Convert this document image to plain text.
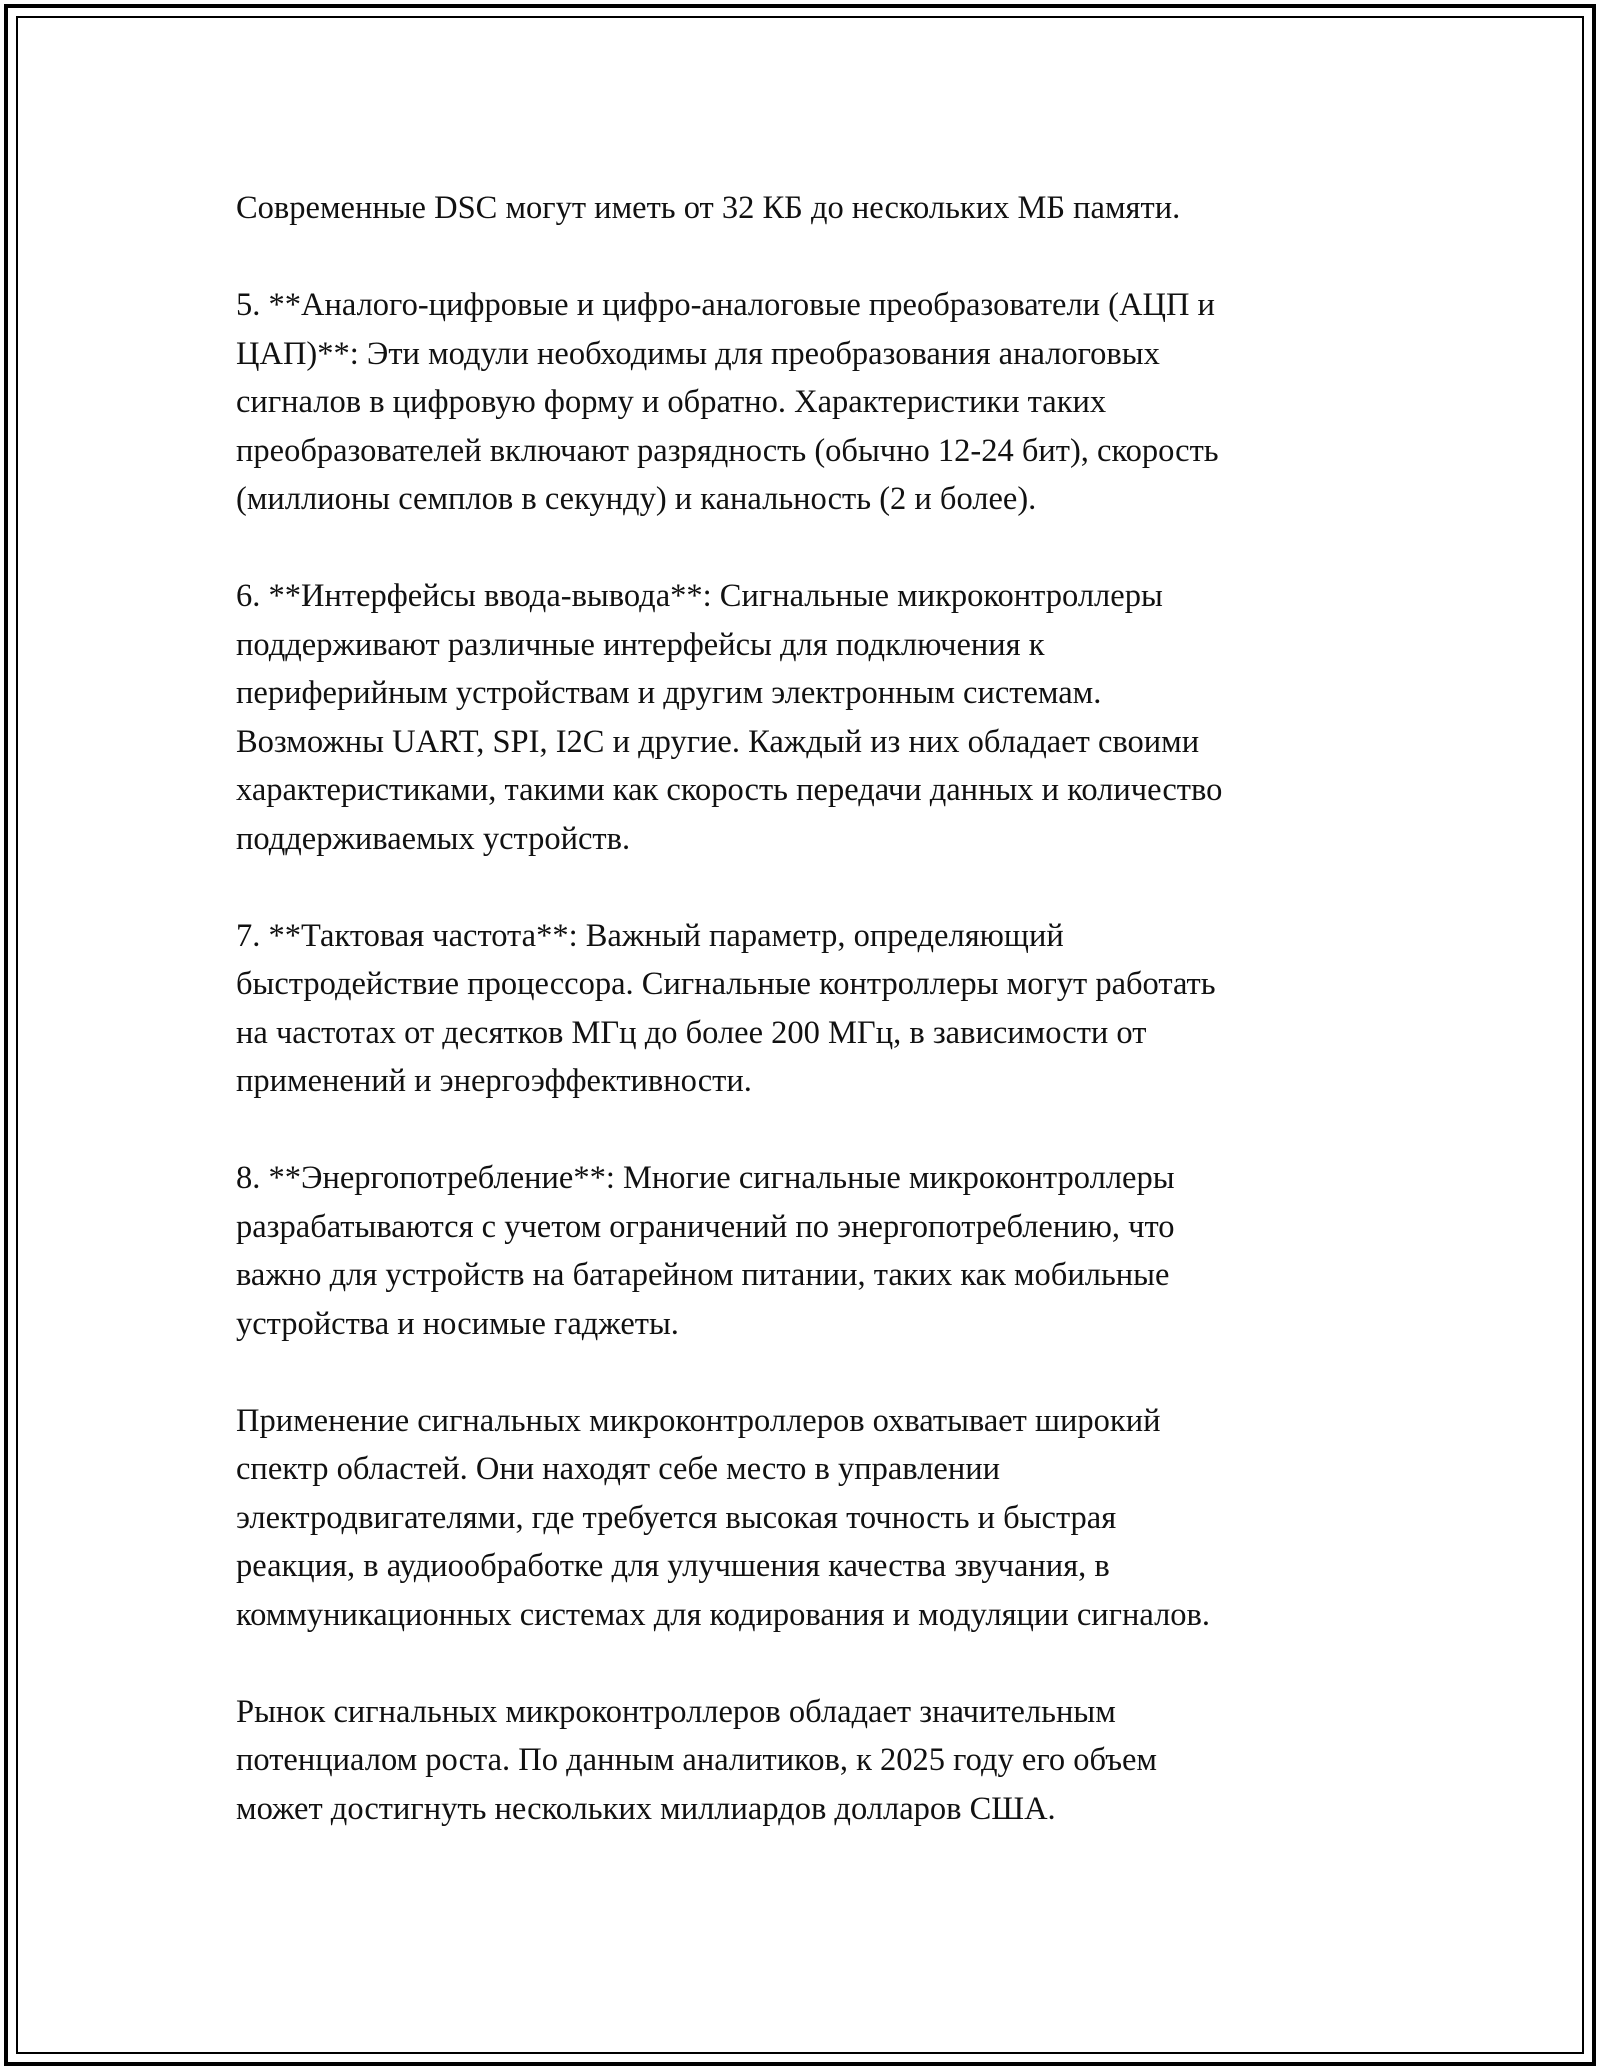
Современные DSC могут иметь от 32 КБ до нескольких МБ памяти.

5. **Аналого-цифровые и цифро-аналоговые преобразователи (АЦП и
ЦАП)**: Эти модули необходимы для преобразования аналоговых
сигналов в цифровую форму и обратно. Характеристики таких
преобразователей включают разрядность (обычно 12-24 бит), скорость
(миллионы семплов в секунду) и канальность (2 и более).

6. **Интерфейсы ввода-вывода**: Сигнальные микроконтроллеры
поддерживают различные интерфейсы для подключения к
периферийным устройствам и другим электронным системам.
Возможны UART, SPI, I2C и другие. Каждый из них обладает своими
характеристиками, такими как скорость передачи данных и количество
поддерживаемых устройств.

7. **Тактовая частота**: Важный параметр, определяющий
быстродействие процессора. Сигнальные контроллеры могут работать
на частотах от десятков МГц до более 200 МГц, в зависимости от
применений и энергоэффективности.

8. **Энергопотребление**: Многие сигнальные микроконтроллеры
разрабатываются с учетом ограничений по энергопотреблению, что
важно для устройств на батарейном питании, таких как мобильные
устройства и носимые гаджеты.

Применение сигнальных микроконтроллеров охватывает широкий
спектр областей. Они находят себе место в управлении
электродвигателями, где требуется высокая точность и быстрая
реакция, в аудиообработке для улучшения качества звучания, в
коммуникационных системах для кодирования и модуляции сигналов.

Рынок сигнальных микроконтроллеров обладает значительным
потенциалом роста. По данным аналитиков, к 2025 году его объем
может достигнуть нескольких миллиардов долларов США.
